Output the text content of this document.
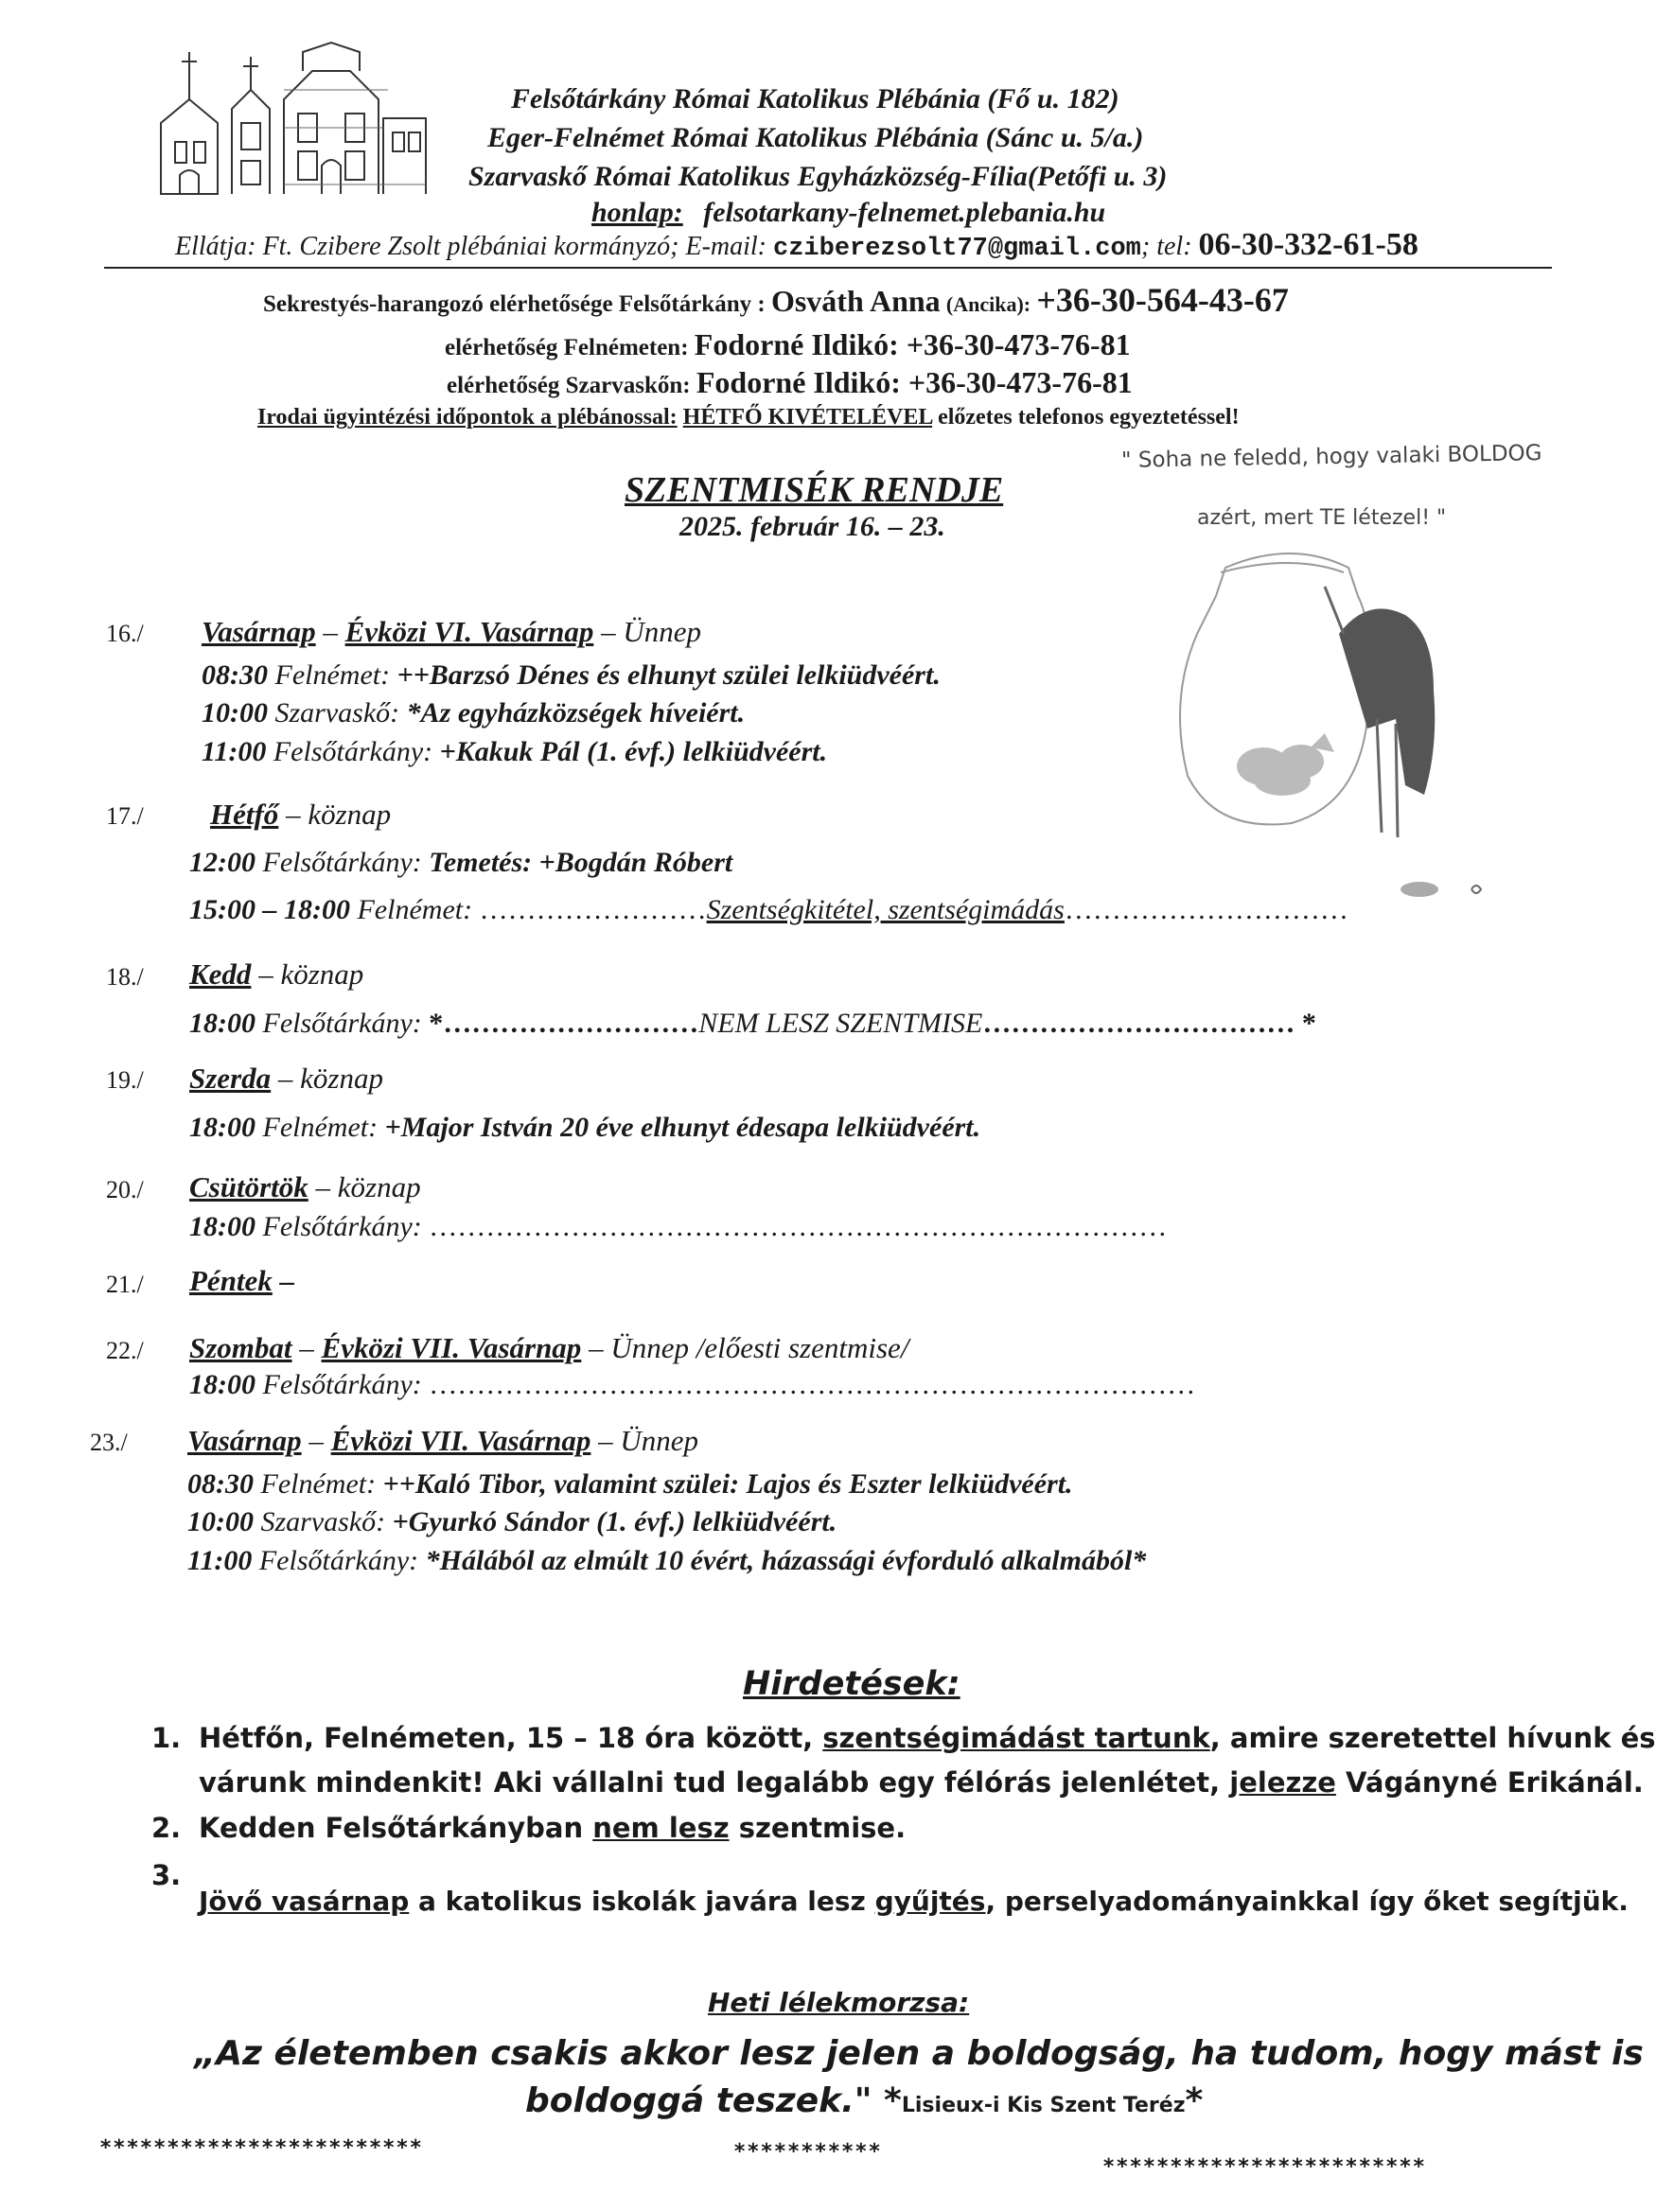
Felsőtárkány Római Katolikus Plébánia (Fő u. 182)
Eger-Felnémet Római Katolikus Plébánia (Sánc u. 5/a.)
Szarvaskő Római Katolikus Egyházközség-Fília(Petőfi u. 3)
honlap: felsotarkany-felnemet.plebania.hu
Ellátja: Ft. Czibere Zsolt plébániai kormányzó; E-mail: cziberezsolt77@gmail.com; tel: 06-30-332-61-58
Sekrestyés-harangozó elérhetősége Felsőtárkány : Osváth Anna (Ancika): +36-30-564-43-67
elérhetőség Felnémeten: Fodorné Ildikó: +36-30-473-76-81
elérhetőség Szarvaskőn: Fodorné Ildikó: +36-30-473-76-81
Irodai ügyintézési időpontok a plébánossal: HÉTFŐ KIVÉTELÉVEL előzetes telefonos egyeztetéssel!
SZENTMISÉK RENDJE
2025. február 16. – 23.
" Soha ne feledd, hogy valaki BOLDOG
azért, mert TE létezel! "
16./ Vasárnap – Évközi VI. Vasárnap – Ünnep
08:30 Felnémet: ++Barzsó Dénes és elhunyt szülei lelkiüdvéért.
10:00 Szarvaskő: *Az egyházközségek híveiért.
11:00 Felsőtárkány: +Kakuk Pál (1. évf.) lelkiüdvéért.
17./ Hétfő – köznap
12:00 Felsőtárkány: Temetés: +Bogdán Róbert
15:00 – 18:00 Felnémet: ……………………Szentségkitétel, szentségimádás…………………………
18./ Kedd – köznap
18:00 Felsőtárkány: *………………………NEM LESZ SZENTMISE…………………………… *
19./ Szerda – köznap
18:00 Felnémet: +Major István 20 éve elhunyt édesapa lelkiüdvéért.
20./ Csütörtök – köznap
18:00 Felsőtárkány: ……………………………………………………………………
21./ Péntek –
22./ Szombat – Évközi VII. Vasárnap – Ünnep /előesti szentmise/
18:00 Felsőtárkány: ………………………………………………………………………
23./ Vasárnap – Évközi VII. Vasárnap – Ünnep
08:30 Felnémet: ++Kaló Tibor, valamint szülei: Lajos és Eszter lelkiüdvéért.
10:00 Szarvaskő: +Gyurkó Sándor (1. évf.) lelkiüdvéért.
11:00 Felsőtárkány: *Hálából az elmúlt 10 évért, házassági évforduló alkalmából*
Hirdetések:
1. Hétfőn, Felnémeten, 15 – 18 óra között, szentségimádást tartunk, amire szeretettel hívunk és
várunk mindenkit! Aki vállalni tud legalább egy félórás jelenlétet, jelezze Vágányné Erikánál.
2. Kedden Felsőtárkányban nem lesz szentmise.
3.
Jövő vasárnap a katolikus iskolák javára lesz gyűjtés, perselyadományainkkal így őket segítjük.
Heti lélekmorzsa:
„Az életemben csakis akkor lesz jelen a boldogság, ha tudom, hogy mást is
boldoggá teszek." *Lisieux-i Kis Szent Teréz*
************************	***********
************************
